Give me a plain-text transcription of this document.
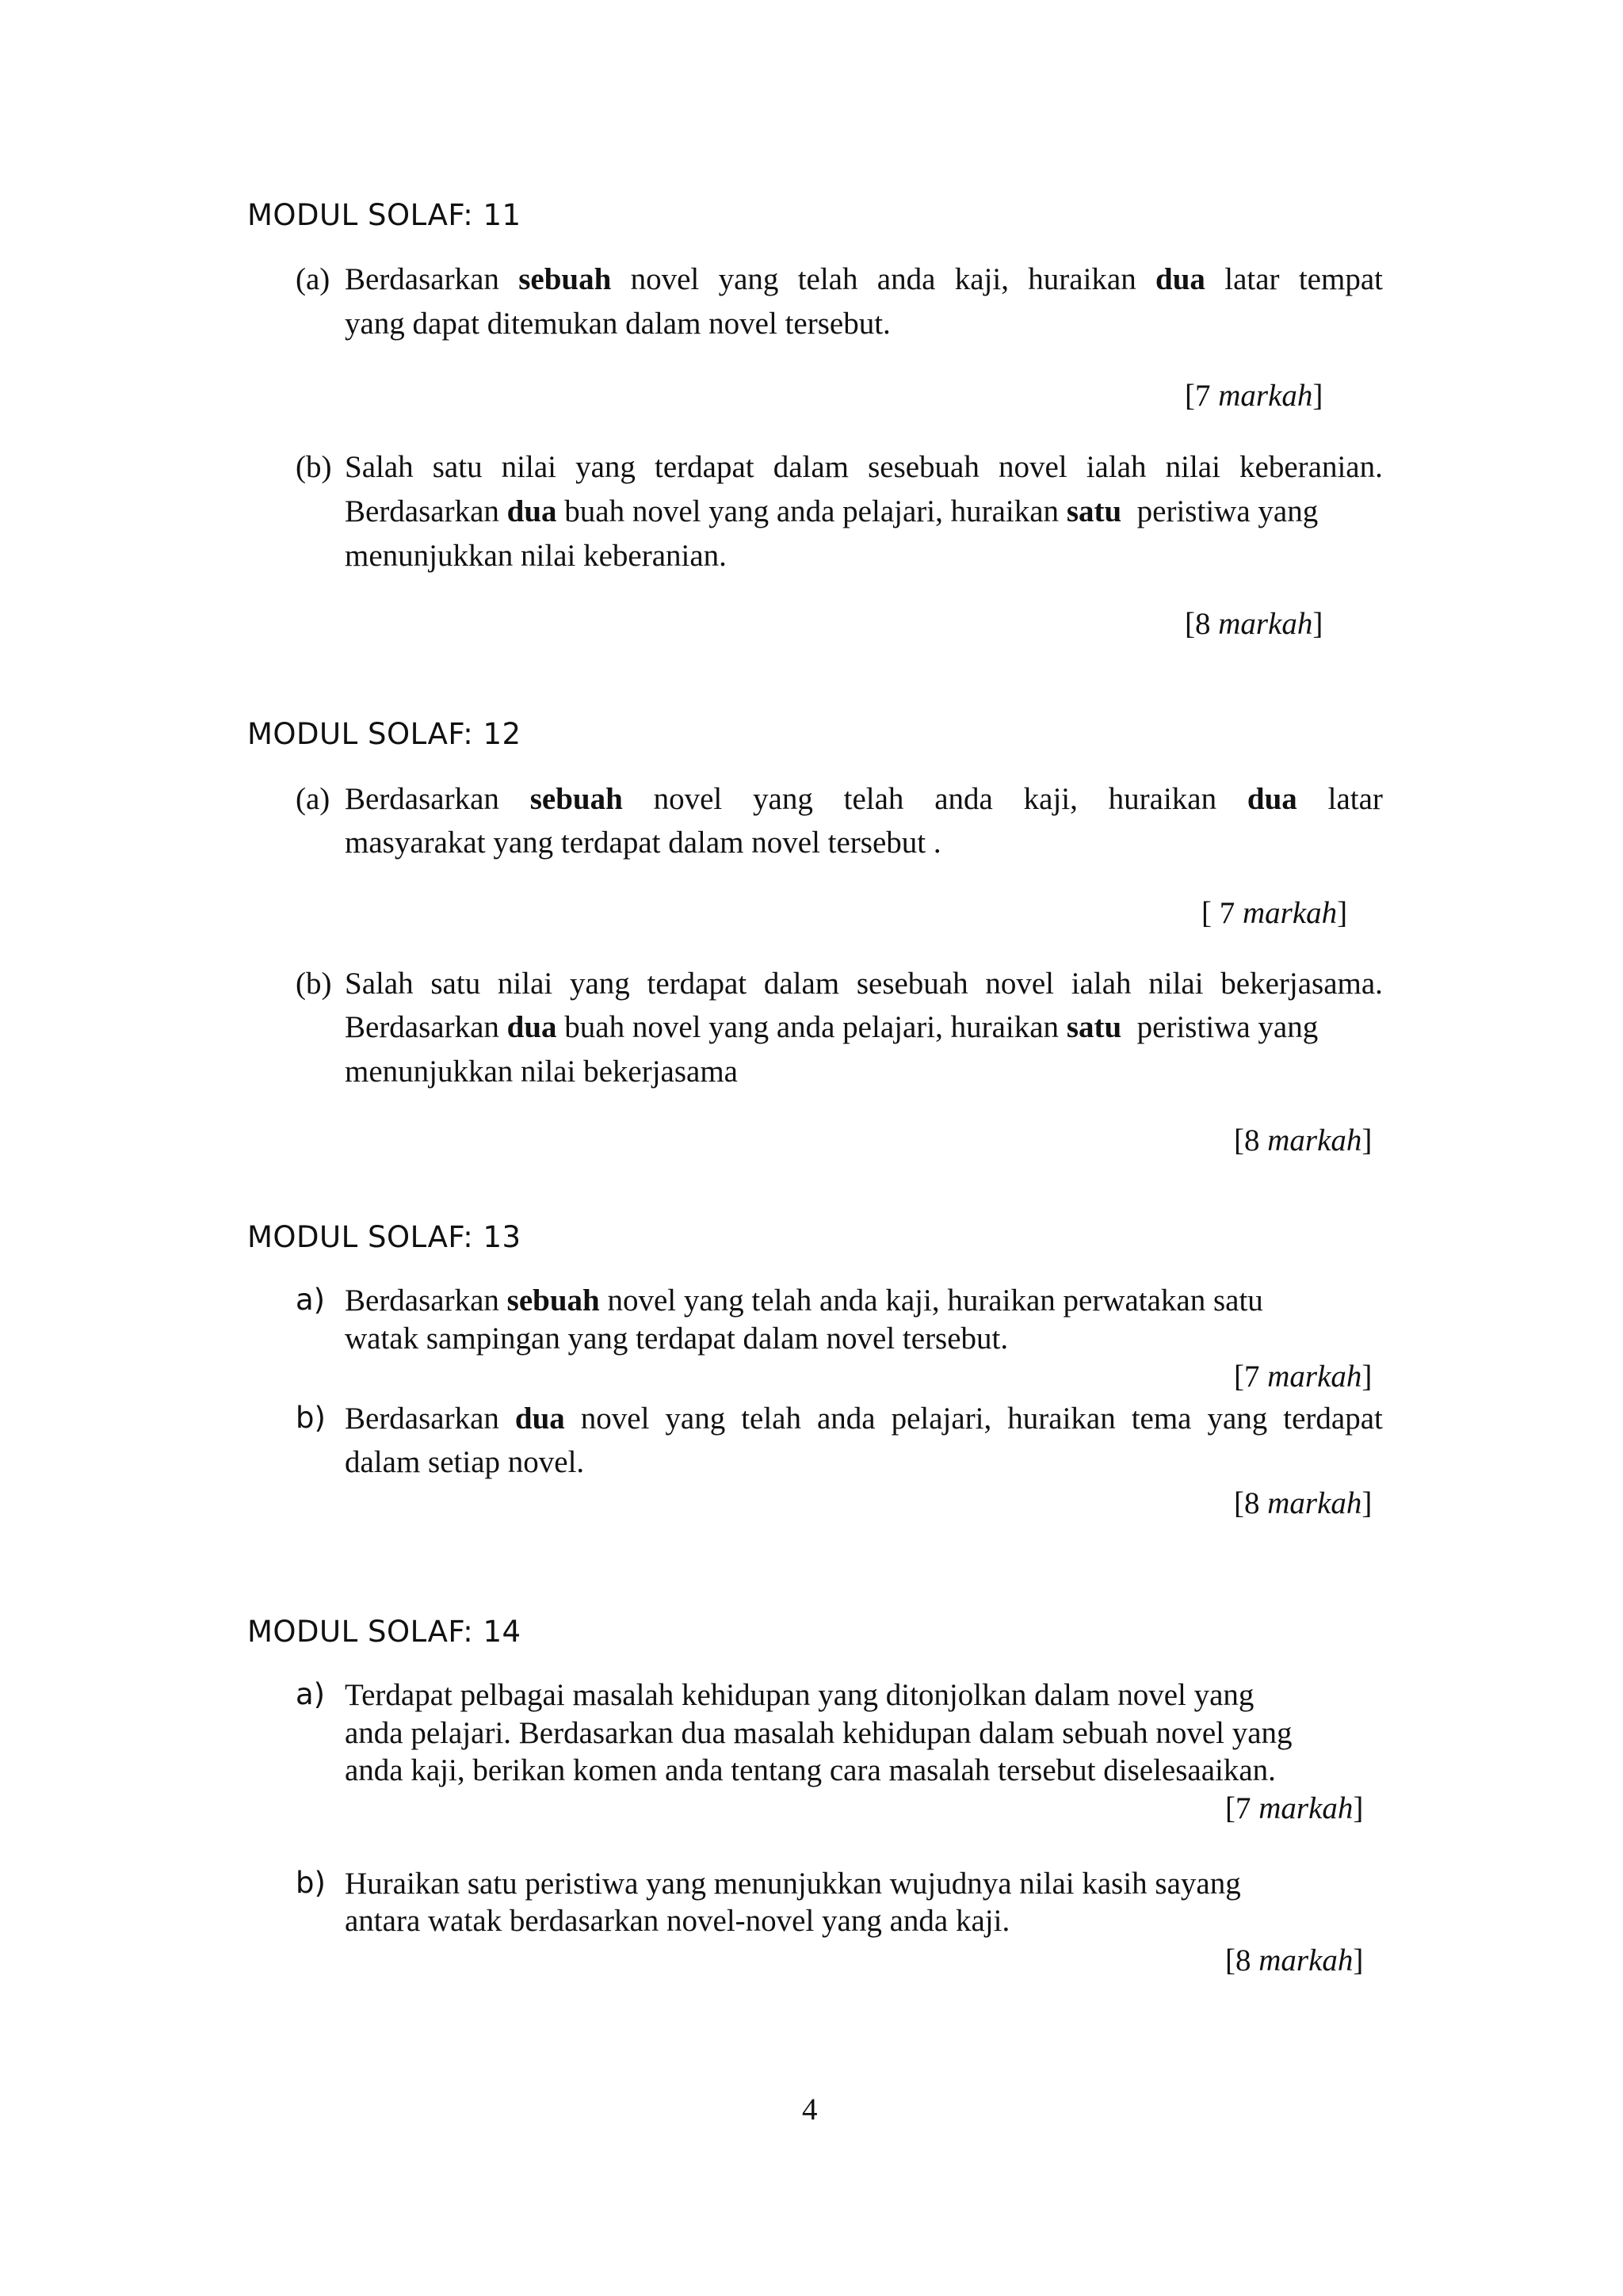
MODUL SOLAF: 11
(a) Berdasarkan sebuah novel yang telah anda kaji, huraikan dua latar tempat
yang dapat ditemukan dalam novel tersebut.
[7 markah]
(b) Salah satu nilai yang terdapat dalam sesebuah novel ialah nilai keberanian.
Berdasarkan dua buah novel yang anda pelajari, huraikan satu  peristiwa yang
menunjukkan nilai keberanian.
[8 markah]
MODUL SOLAF: 12
(a) Berdasarkan sebuah novel yang telah anda kaji, huraikan dua latar
masyarakat yang terdapat dalam novel tersebut .
[ 7 markah]
(b) Salah satu nilai yang terdapat dalam sesebuah novel ialah nilai bekerjasama.
Berdasarkan dua buah novel yang anda pelajari, huraikan satu  peristiwa yang
menunjukkan nilai bekerjasama
[8 markah]
MODUL SOLAF: 13
a) Berdasarkan sebuah novel yang telah anda kaji, huraikan perwatakan satu
watak sampingan yang terdapat dalam novel tersebut.
[7 markah]
b) Berdasarkan dua novel yang telah anda pelajari, huraikan tema yang terdapat
dalam setiap novel.
[8 markah]
MODUL SOLAF: 14
a) Terdapat pelbagai masalah kehidupan yang ditonjolkan dalam novel yang
anda pelajari. Berdasarkan dua masalah kehidupan dalam sebuah novel yang
anda kaji, berikan komen anda tentang cara masalah tersebut diselesaaikan.
[7 markah]
b) Huraikan satu peristiwa yang menunjukkan wujudnya nilai kasih sayang
antara watak berdasarkan novel-novel yang anda kaji.
[8 markah]
4
